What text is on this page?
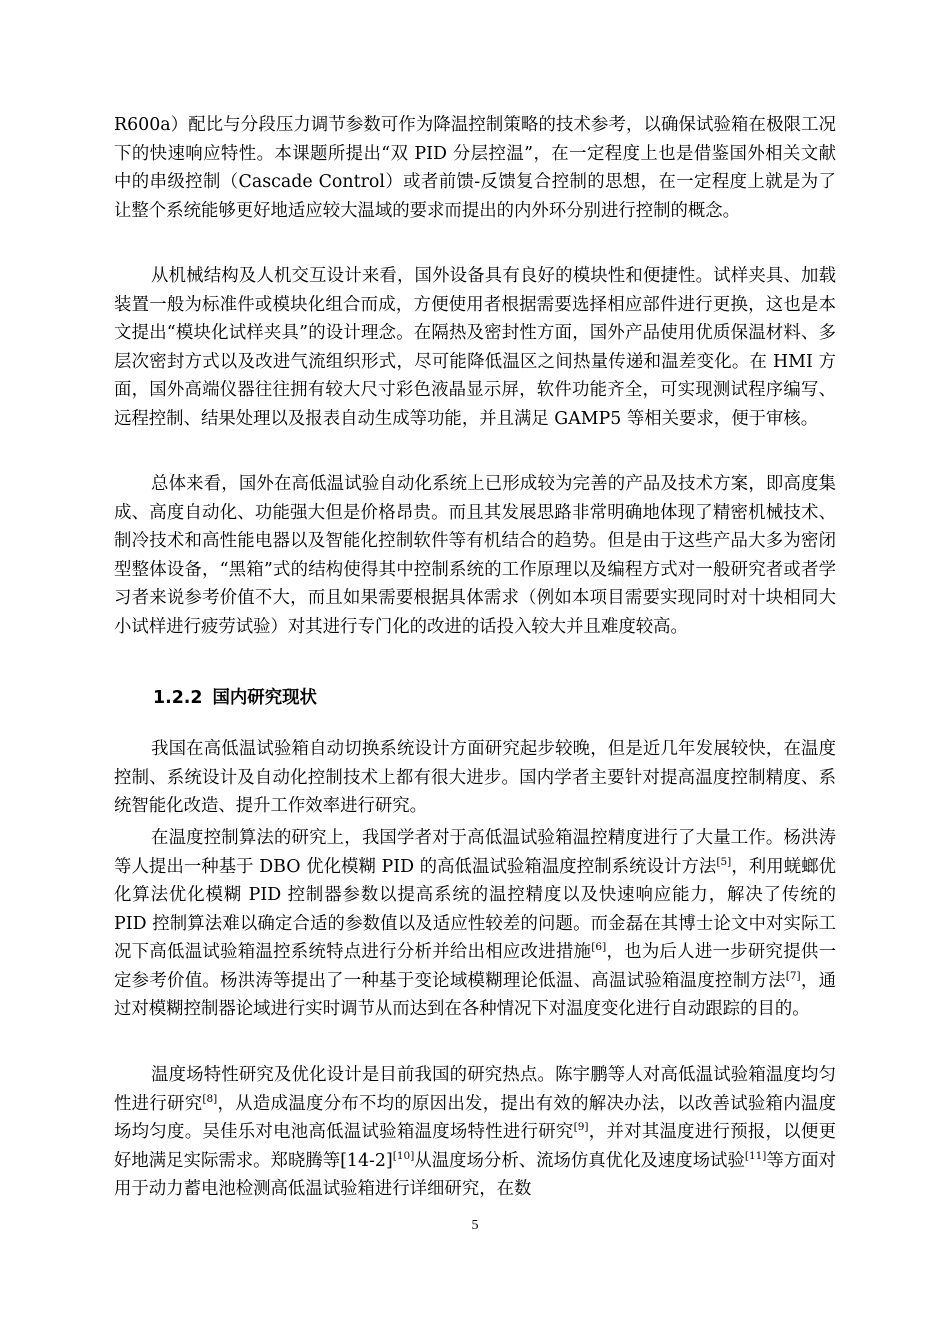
R600a）配比与分段压力调节参数可作为降温控制策略的技术参考，以确保试验箱在极限工况下的快速响应特性。本课题所提出“双 PID 分层控温”，在一定程度上也是借鉴国外相关文献中的串级控制（Cascade Control）或者前馈-反馈复合控制的思想，在一定程度上就是为了让整个系统能够更好地适应较大温域的要求而提出的内外环分别进行控制的概念。

从机械结构及人机交互设计来看，国外设备具有良好的模块性和便捷性。试样夹具、加载装置一般为标准件或模块化组合而成，方便使用者根据需要选择相应部件进行更换，这也是本文提出“模块化试样夹具”的设计理念。在隔热及密封性方面，国外产品使用优质保温材料、多层次密封方式以及改进气流组织形式，尽可能降低温区之间热量传递和温差变化。在 HMI 方面，国外高端仪器往往拥有较大尺寸彩色液晶显示屏，软件功能齐全，可实现测试程序编写、远程控制、结果处理以及报表自动生成等功能，并且满足 GAMP5 等相关要求，便于审核。

总体来看，国外在高低温试验自动化系统上已形成较为完善的产品及技术方案，即高度集成、高度自动化、功能强大但是价格昂贵。而且其发展思路非常明确地体现了精密机械技术、制冷技术和高性能电器以及智能化控制软件等有机结合的趋势。但是由于这些产品大多为密闭型整体设备，“黑箱”式的结构使得其中控制系统的工作原理以及编程方式对一般研究者或者学习者来说参考价值不大，而且如果需要根据具体需求（例如本项目需要实现同时对十块相同大小试样进行疲劳试验）对其进行专门化的改进的话投入较大并且难度较高。

1.2.2 国内研究现状

我国在高低温试验箱自动切换系统设计方面研究起步较晚，但是近几年发展较快，在温度控制、系统设计及自动化控制技术上都有很大进步。国内学者主要针对提高温度控制精度、系统智能化改造、提升工作效率进行研究。

在温度控制算法的研究上，我国学者对于高低温试验箱温控精度进行了大量工作。杨洪涛等人提出一种基于 DBO 优化模糊 PID 的高低温试验箱温度控制系统设计方法[5]，利用蜣螂优化算法优化模糊 PID 控制器参数以提高系统的温控精度以及快速响应能力，解决了传统的 PID 控制算法难以确定合适的参数值以及适应性较差的问题。而金磊在其博士论文中对实际工况下高低温试验箱温控系统特点进行分析并给出相应改进措施[6]，也为后人进一步研究提供一定参考价值。杨洪涛等提出了一种基于变论域模糊理论低温、高温试验箱温度控制方法[7]，通过对模糊控制器论域进行实时调节从而达到在各种情况下对温度变化进行自动跟踪的目的。

温度场特性研究及优化设计是目前我国的研究热点。陈宇鹏等人对高低温试验箱温度均匀性进行研究[8]，从造成温度分布不均的原因出发，提出有效的解决办法，以改善试验箱内温度场均匀度。吴佳乐对电池高低温试验箱温度场特性进行研究[9]，并对其温度进行预报，以便更好地满足实际需求。郑晓腾等[14-2][10]从温度场分析、流场仿真优化及速度场试验[11]等方面对用于动力蓄电池检测高低温试验箱进行详细研究，在数

5
